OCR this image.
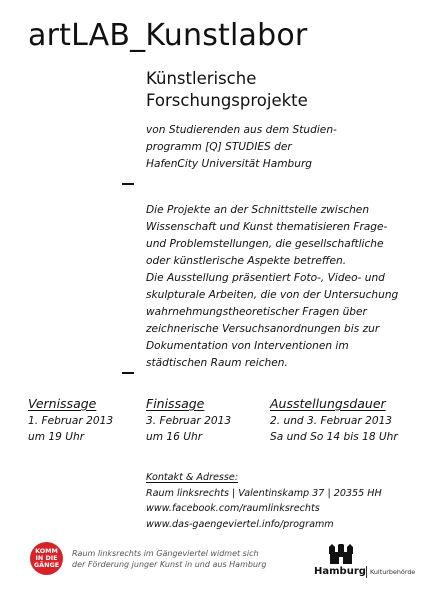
artLAB_Kunstlabor
Künstlerische
Forschungsprojekte
von Studierenden aus dem Studien-
programm [Q] STUDIES der
HafenCity Universität Hamburg
Die Projekte an der Schnittstelle zwischen
Wissenschaft und Kunst thematisieren Frage-
und Problemstellungen, die gesellschaftliche
oder künstlerische Aspekte betreffen.
Die Ausstellung präsentiert Foto-, Video- und
skulpturale Arbeiten, die von der Untersuchung
wahrnehmungstheoretischer Fragen über
zeichnerische Versuchsanordnungen bis zur
Dokumentation von Interventionen im
städtischen Raum reichen.
Vernissage
1. Februar 2013
um 19 Uhr
Finissage
3. Februar 2013
um 16 Uhr
Ausstellungsdauer
2. und 3. Februar 2013
Sa und So 14 bis 18 Uhr
Kontakt & Adresse:
Raum linksrechts | Valentinskamp 37 | 20355 HH
www.facebook.com/raumlinksrechts
www.das-gaengeviertel.info/programm
KOMM
IN DIE
GÄNGE
Raum linksrechts im Gängeviertel widmet sich
der Förderung junger Kunst in und aus Hamburg
Hamburg Kulturbehörde
